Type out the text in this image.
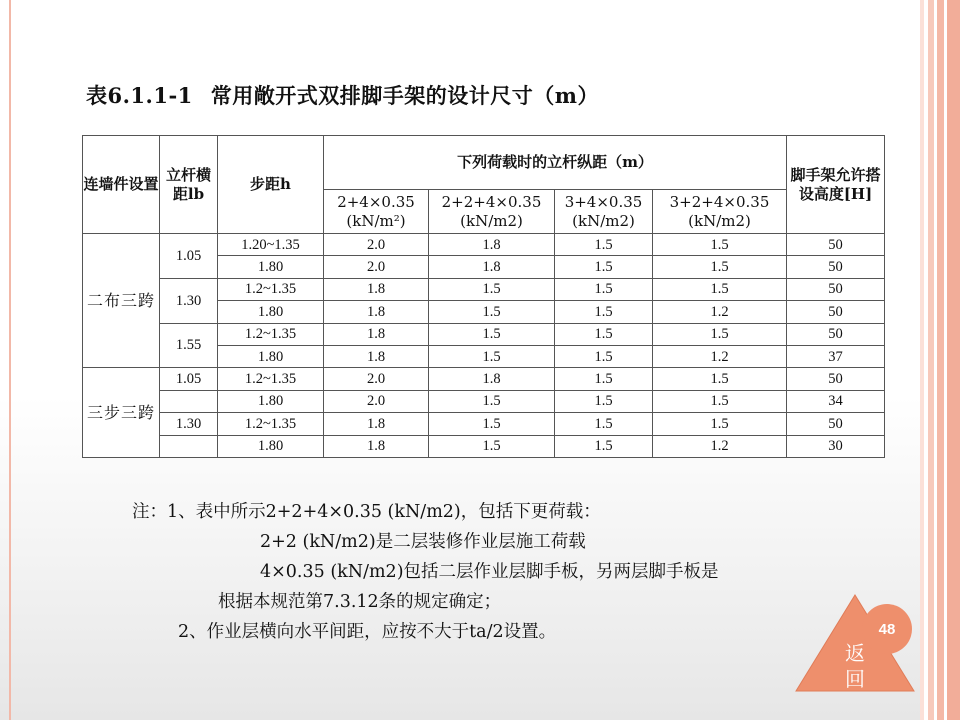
表6.1.1-1 常用敞开式双排脚手架的设计尺寸（m）
连墙件设置	立杆横距lb	步距h	下列荷载时的立杆纵距（m）				脚手架允许搭设高度[H]
			2+4×0.35 (kN/m²)	2+2+4×0.35 (kN/m2)	3+4×0.35 (kN/m2)	3+2+4×0.35 (kN/m2)	
二布三跨	1.05	1.20~1.35	2.0	1.8	1.5	1.5	50
		1.80	2.0	1.8	1.5	1.5	50
	1.30	1.2~1.35	1.8	1.5	1.5	1.5	50
		1.80	1.8	1.5	1.5	1.2	50
	1.55	1.2~1.35	1.8	1.5	1.5	1.5	50
		1.80	1.8	1.5	1.5	1.2	37
三步三跨	1.05	1.2~1.35	2.0	1.8	1.5	1.5	50
		1.80	2.0	1.5	1.5	1.5	34
	1.30	1.2~1.35	1.8	1.5	1.5	1.5	50
		1.80	1.8	1.5	1.5	1.2	30
注：1、表中所示2+2+4×0.35 (kN/m2)，包括下更荷载：
2+2 (kN/m2)是二层装修作业层施工荷载
4×0.35 (kN/m2)包括二层作业层脚手板，另两层脚手板是
根据本规范第7.3.12条的规定确定；
2、作业层横向水平间距，应按不大于ta/2设置。
返
回
48
